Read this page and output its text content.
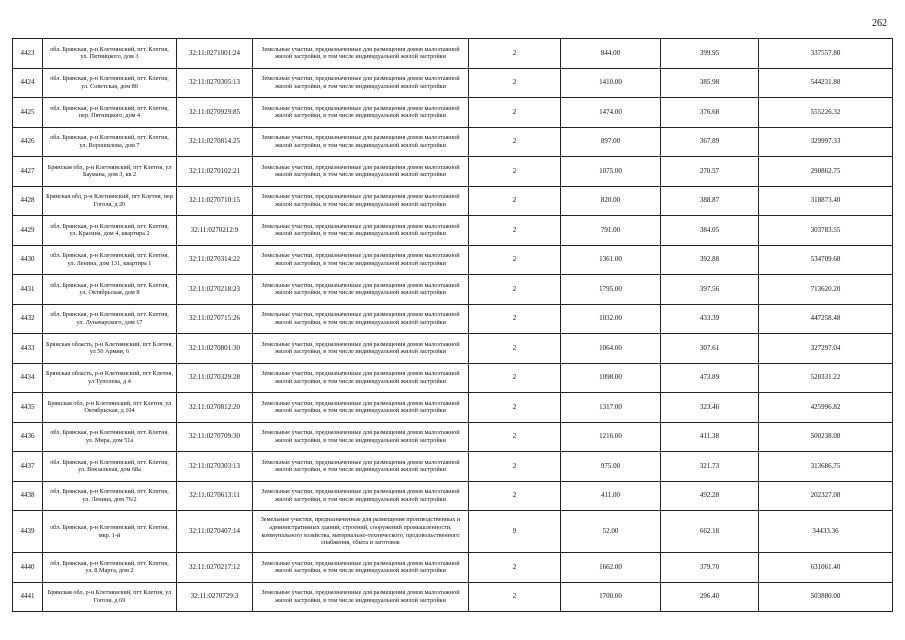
262
4423	обл. Брянская, р-н Клетнянский, пгт. Клетня, ул. Пятницкого, дом 3	32:11:0271001:24	Земельные участки, предназначенные для размещения домов малоэтажной жилой застройки, в том числе индивидуальной жилой застройки	2	844.00	399.95	337557.80
4424	обл. Брянская, р-н Клетнянский, пгт. Клетня, ул. Советская, дом 80	32:11:0270305:13	Земельные участки, предназначенные для размещения домов малоэтажной жилой застройки, в том числе индивидуальной жилой застройки	2	1410.00	385.98	544231.80
4425	обл. Брянская, р-н Клетнянский, пгт. Клетня, пер. Пятницкого, дом 4	32:11:0270929:85	Земельные участки, предназначенные для размещения домов малоэтажной жилой застройки, в том числе индивидуальной жилой застройки	2	1474.00	376.68	555226.32
4426	обл. Брянская, р-н Клетнянский, пгт. Клетня, ул. Ворошилова, дом 7	32:11:0270814:25	Земельные участки, предназначенные для размещения домов малоэтажной жилой застройки, в том числе индивидуальной жилой застройки	2	897.00	367.89	329997.33
4427	Брянская обл, р-н Клетнянский, пгт Клетня, ул Баумана, дом 3, кв 2	32:11:0270102:21	Земельные участки, предназначенные для размещения домов малоэтажной жилой застройки, в том числе индивидуальной жилой застройки	2	1075.00	270.57	290862.75
4428	Брянская обл, р-н Клетнянский, пгт Клетня, пер Гоголя, д 20	32:11:0270710:15	Земельные участки, предназначенные для размещения домов малоэтажной жилой застройки, в том числе индивидуальной жилой застройки	2	820.00	388.87	318873.40
4429	обл. Брянская, р-н Клетнянский, пгт. Клетня, ул. Красина, дом 4, квартира 2	32:11:0270212:9	Земельные участки, предназначенные для размещения домов малоэтажной жилой застройки, в том числе индивидуальной жилой застройки	2	791.00	384.05	303783.55
4430	обл. Брянская, р-н Клетнянский, пгт. Клетня, ул. Ленина, дом 131, квартира 1	32:11:0270314:22	Земельные участки, предназначенные для размещения домов малоэтажной жилой застройки, в том числе индивидуальной жилой застройки	2	1361.00	392.88	534709.68
4431	обл. Брянская, р-н Клетнянский, пгт. Клетня, ул. Октябрьская, дом 8	32:11:0270218:23	Земельные участки, предназначенные для размещения домов малоэтажной жилой застройки, в том числе индивидуальной жилой застройки	2	1795.00	397.56	713620.20
4432	обл. Брянская, р-н Клетнянский, пгт. Клетня, ул. Луначарского, дом 17	32:11:0270715:26	Земельные участки, предназначенные для размещения домов малоэтажной жилой застройки, в том числе индивидуальной жилой застройки	2	1032.00	433.39	447258.48
4433	Брянская область, р-н Клетнянский, пгт Клетня, ул 50 Армии, 6	32:11:0270801:30	Земельные участки, предназначенные для размещения домов малоэтажной жилой застройки, в том числе индивидуальной жилой застройки	2	1064.00	307.61	327297.04
4434	Брянская область, р-н Клетнянский, пгт Клетня, ул Туполева, д 4	32:11:0270329:28	Земельные участки, предназначенные для размещения домов малоэтажной жилой застройки, в том числе индивидуальной жилой застройки	2	1098.00	473.89	520331.22
4435	Брянская обл, р-н Клетнянский, пгт Клетня, ул Октябрьская, д 104	32:11:0270812:20	Земельные участки, предназначенные для размещения домов малоэтажной жилой застройки, в том числе индивидуальной жилой застройки	2	1317.00	323.46	425996.82
4436	обл. Брянская, р-н Клетнянский, пгт. Клетня, ул. Мира, дом 51а	32:11:0270709:30	Земельные участки, предназначенные для размещения домов малоэтажной жилой застройки, в том числе индивидуальной жилой застройки	2	1216.00	411.38	500238.08
4437	обл. Брянская, р-н Клетнянский, пгт. Клетня, ул. Вокзальная, дом 68а	32:11:0270303:13	Земельные участки, предназначенные для размещения домов малоэтажной жилой застройки, в том числе индивидуальной жилой застройки	2	975.00	321.73	313686.75
4438	обл. Брянская, р-н Клетнянский, пгт. Клетня, ул. Ленина, дом 76/2	32:11:0270613:11	Земельные участки, предназначенные для размещения домов малоэтажной жилой застройки, в том числе индивидуальной жилой застройки	2	411.00	492.28	202327.08
4439	обл. Брянская, р-н Клетнянский, пгт. Клетня, мкр. 1-й	32:11:0270407:14	Земельные участки, предназначенные для размещения производственных и административных зданий, строений, сооружений промышленности, коммунального хозяйства, материально-технического, продовольственного снабжения, сбыта и заготовок	9	52.00	662.18	34433.36
4440	обл. Брянская, р-н Клетнянский, пгт. Клетня, ул. 8 Марта, дом 2	32:11:0270217:12	Земельные участки, предназначенные для размещения домов малоэтажной жилой застройки, в том числе индивидуальной жилой застройки	2	1662.00	379.70	631061.40
4441	Брянская обл, р-н Клетнянский, пгт Клетня, ул Гоголя, д 69	32:11:0270729:3	Земельные участки, предназначенные для размещения домов малоэтажной жилой застройки, в том числе индивидуальной жилой застройки	2	1700.00	296.40	503880.00
